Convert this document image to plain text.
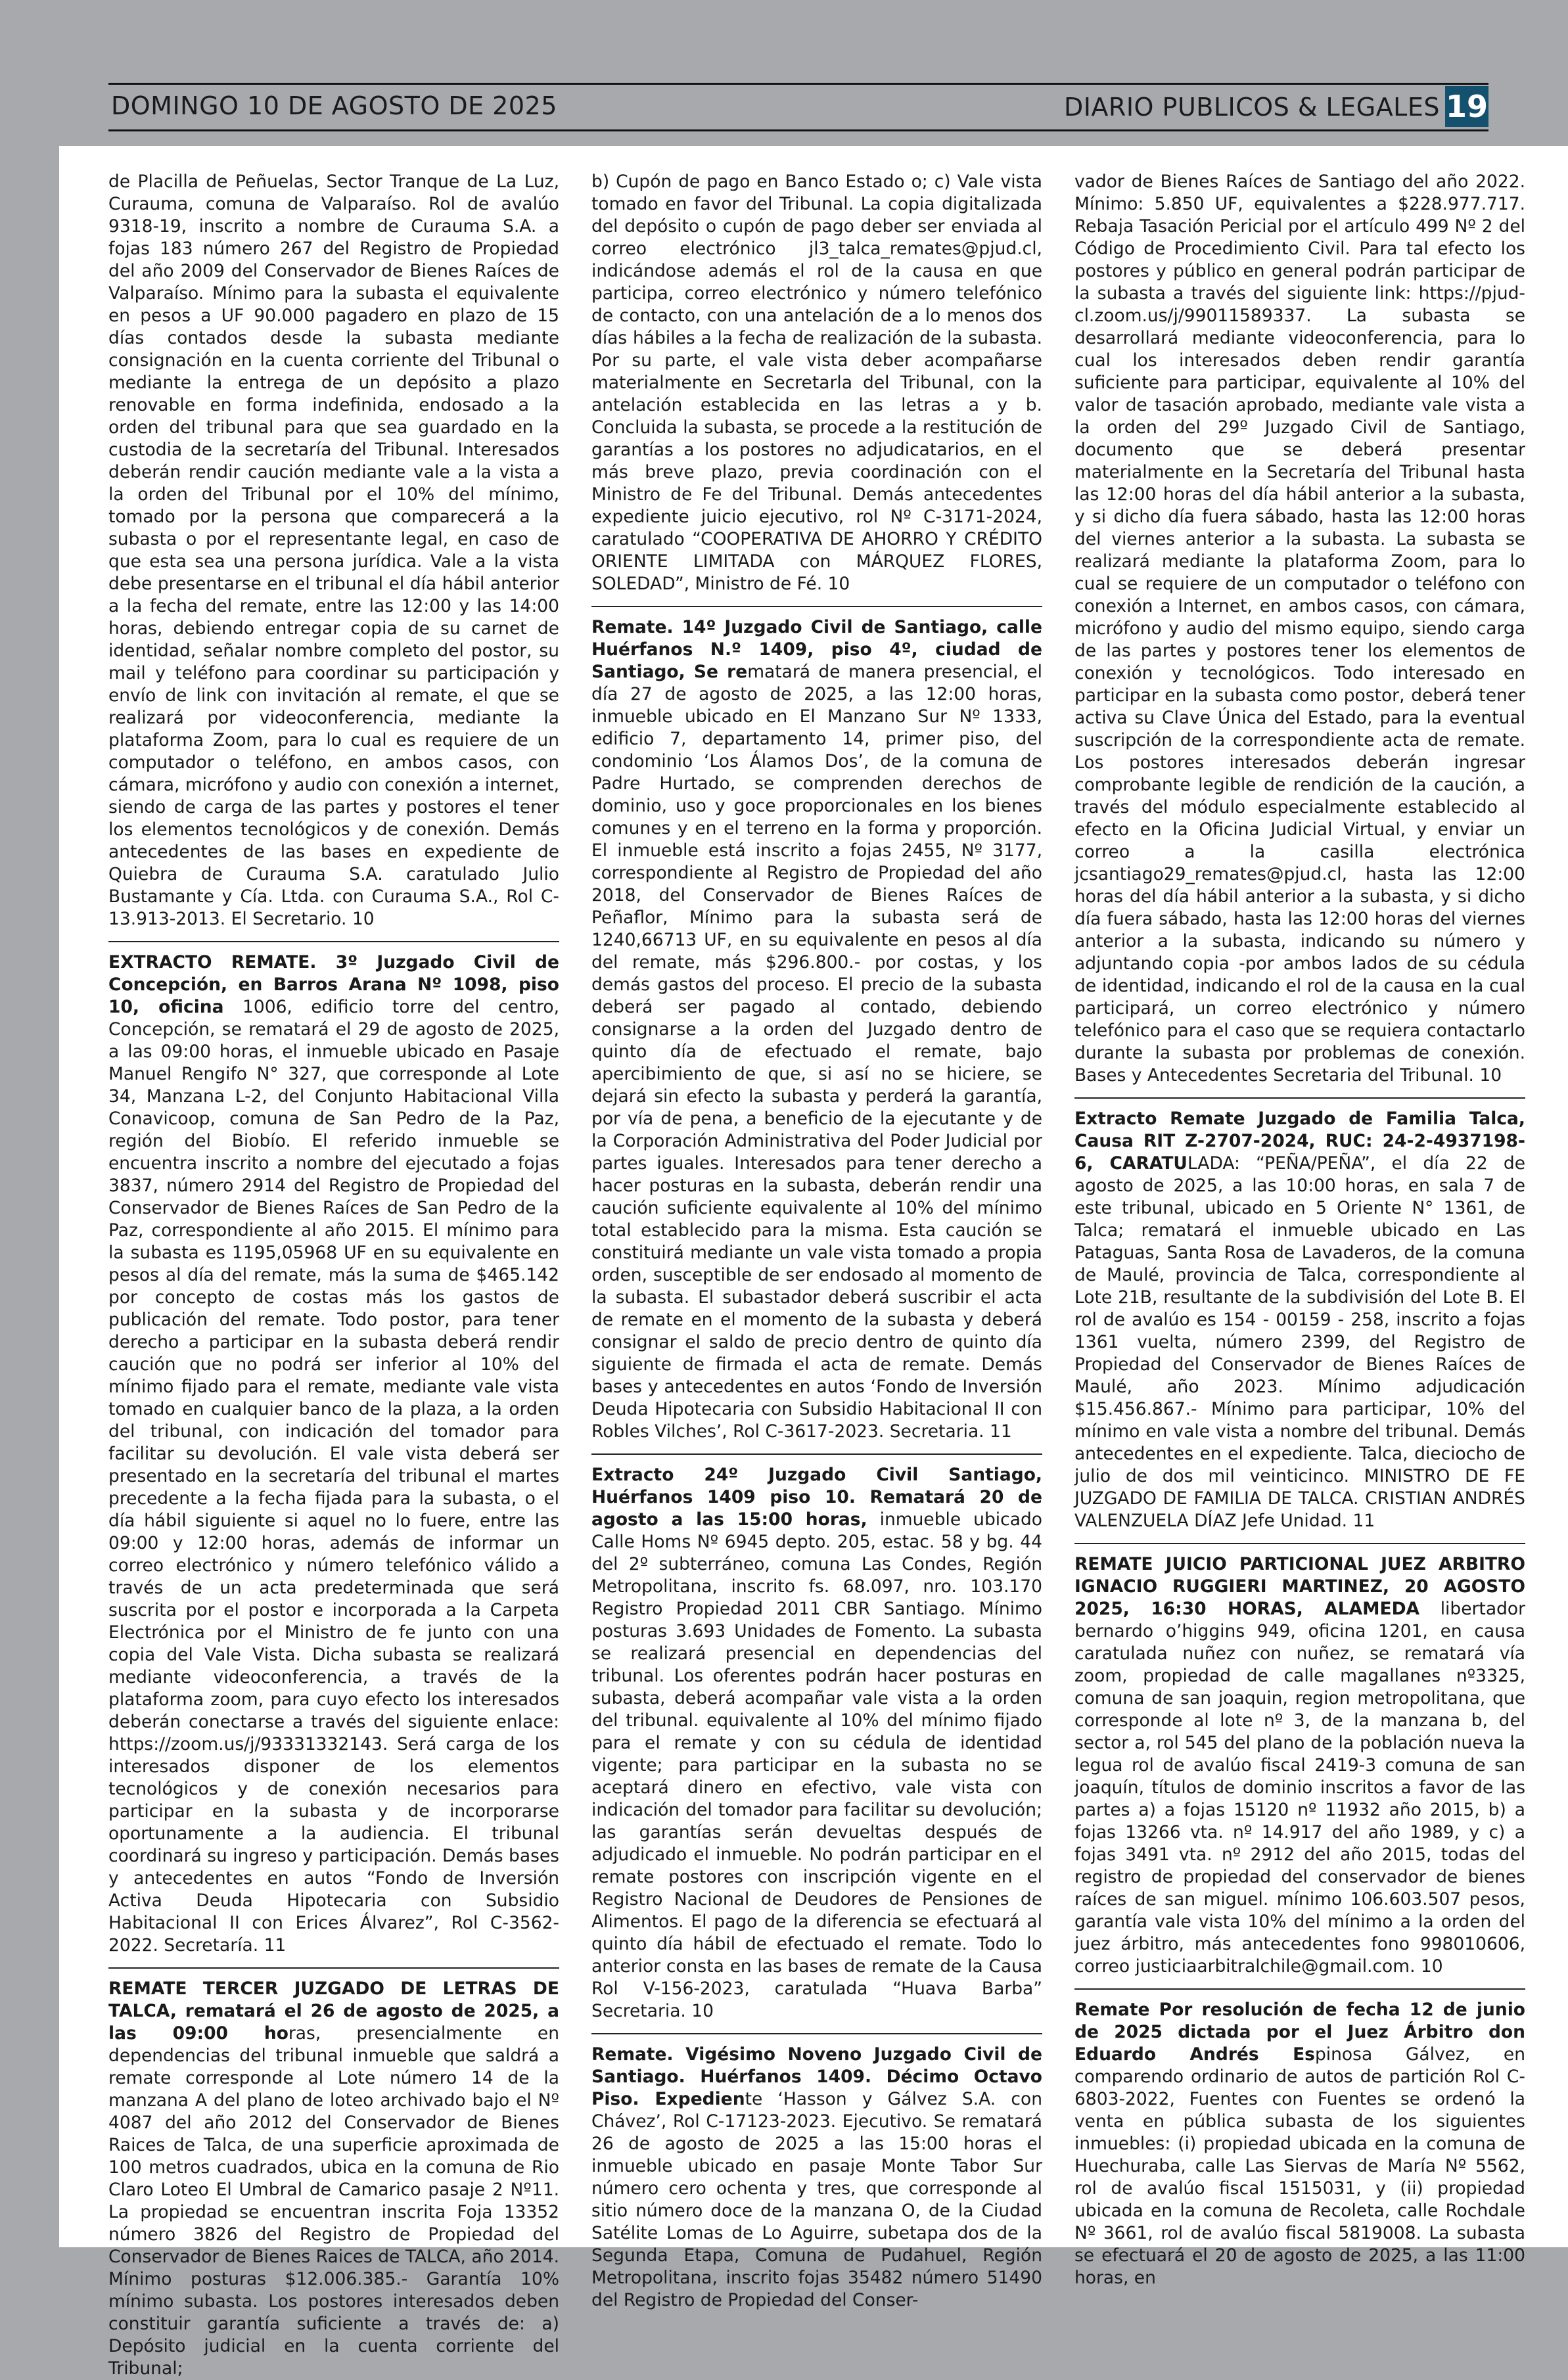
DOMINGO 10 DE AGOSTO DE 2025	DIARIO PUBLICOS & LEGALES 19

de Placilla de Peñuelas, Sector Tranque de La Luz, Curauma, comuna de Valparaíso. Rol de avalúo 9318-19, inscrito a nombre de Curauma S.A. a fojas 183 número 267 del Registro de Propiedad del año 2009 del Conservador de Bienes Raíces de Valparaíso. Mínimo para la subasta el equivalente en pesos a UF 90.000 pagadero en plazo de 15 días contados desde la subasta mediante consignación en la cuenta corriente del Tribunal o mediante la entrega de un depósito a plazo renovable en forma indefinida, endosado a la orden del tribunal para que sea guardado en la custodia de la secretaría del Tribunal. Interesados deberán rendir caución mediante vale a la vista a la orden del Tribunal por el 10% del mínimo, tomado por la persona que comparecerá a la subasta o por el representante legal, en caso de que esta sea una persona jurídica. Vale a la vista debe presentarse en el tribunal el día hábil anterior a la fecha del remate, entre las 12:00 y las 14:00 horas, debiendo entregar copia de su carnet de identidad, señalar nombre completo del postor, su mail y teléfono para coordinar su participación y envío de link con invitación al remate, el que se realizará por videoconferencia, mediante la plataforma Zoom, para lo cual es requiere de un computador o teléfono, en ambos casos, con cámara, micrófono y audio con conexión a internet, siendo de carga de las partes y postores el tener los elementos tecnológicos y de conexión. Demás antecedentes de las bases en expediente de Quiebra de Curauma S.A. caratulado Julio Bustamante y Cía. Ltda. con Curauma S.A., Rol C-13.913-2013. El Secretario. 10

EXTRACTO REMATE. 3º Juzgado Civil de Concepción, en Barros Arana Nº 1098, piso 10, oficina 1006, edificio torre del centro, Concepción, se rematará el 29 de agosto de 2025, a las 09:00 horas, el inmueble ubicado en Pasaje Manuel Rengifo N° 327, que corresponde al Lote 34, Manzana L-2, del Conjunto Habitacional Villa Conavicoop, comuna de San Pedro de la Paz, región del Biobío. El referido inmueble se encuentra inscrito a nombre del ejecutado a fojas 3837, número 2914 del Registro de Propiedad del Conservador de Bienes Raíces de San Pedro de la Paz, correspondiente al año 2015. El mínimo para la subasta es 1195,05968 UF en su equivalente en pesos al día del remate, más la suma de $465.142 por concepto de costas más los gastos de publicación del remate. Todo postor, para tener derecho a participar en la subasta deberá rendir caución que no podrá ser inferior al 10% del mínimo fijado para el remate, mediante vale vista tomado en cualquier banco de la plaza, a la orden del tribunal, con indicación del tomador para facilitar su devolución. El vale vista deberá ser presentado en la secretaría del tribunal el martes precedente a la fecha fijada para la subasta, o el día hábil siguiente si aquel no lo fuere, entre las 09:00 y 12:00 horas, además de informar un correo electrónico y número telefónico válido a través de un acta predeterminada que será suscrita por el postor e incorporada a la Carpeta Electrónica por el Ministro de fe junto con una copia del Vale Vista. Dicha subasta se realizará mediante videoconferencia, a través de la plataforma zoom, para cuyo efecto los interesados deberán conectarse a través del siguiente enlace: https://zoom.us/j/93331332143. Será carga de los interesados disponer de los elementos tecnológicos y de conexión necesarios para participar en la subasta y de incorporarse oportunamente a la audiencia. El tribunal coordinará su ingreso y participación. Demás bases y antecedentes en autos “Fondo de Inversión Activa Deuda Hipotecaria con Subsidio Habitacional II con Erices Álvarez”, Rol C-3562-2022. Secretaría. 11

REMATE TERCER JUZGADO DE LETRAS DE TALCA, rematará el 26 de agosto de 2025, a las 09:00 horas, presencialmente en dependencias del tribunal inmueble que saldrá a remate corresponde al Lote número 14 de la manzana A del plano de loteo archivado bajo el Nº 4087 del año 2012 del Conservador de Bienes Raices de Talca, de una superficie aproximada de 100 metros cuadrados, ubica en la comuna de Rio Claro Loteo El Umbral de Camarico pasaje 2 Nº11. La propiedad se encuentran inscrita Foja 13352 número 3826 del Registro de Propiedad del Conservador de Bienes Raices de TALCA, año 2014. Mínimo posturas $12.006.385.- Garantía 10% mínimo subasta. Los postores interesados deben constituir garantía suficiente a través de: a) Depósito judicial en la cuenta corriente del Tribunal;

b) Cupón de pago en Banco Estado o; c) Vale vista tomado en favor del Tribunal. La copia digitalizada del depósito o cupón de pago deber ser enviada al correo electrónico jl3_talca_remates@pjud.cl, indicándose además el rol de la causa en que participa, correo electrónico y número telefónico de contacto, con una antelación de a lo menos dos días hábiles a la fecha de realización de la subasta. Por su parte, el vale vista deber acompañarse materialmente en Secretarla del Tribunal, con la antelación establecida en las letras a y b. Concluida la subasta, se procede a la restitución de garantías a los postores no adjudicatarios, en el más breve plazo, previa coordinación con el Ministro de Fe del Tribunal. Demás antecedentes expediente juicio ejecutivo, rol Nº C-3171-2024, caratulado “COOPERATIVA DE AHORRO Y CRÉDITO ORIENTE LIMITADA con MÁRQUEZ FLORES, SOLEDAD”, Ministro de Fé. 10

Remate. 14º Juzgado Civil de Santiago, calle Huérfanos N.º 1409, piso 4º, ciudad de Santiago, Se rematará de manera presencial, el día 27 de agosto de 2025, a las 12:00 horas, inmueble ubicado en El Manzano Sur Nº 1333, edificio 7, departamento 14, primer piso, del condominio ‘Los Álamos Dos’, de la comuna de Padre Hurtado, se comprenden derechos de dominio, uso y goce proporcionales en los bienes comunes y en el terreno en la forma y proporción. El inmueble está inscrito a fojas 2455, Nº 3177, correspondiente al Registro de Propiedad del año 2018, del Conservador de Bienes Raíces de Peñaflor, Mínimo para la subasta será de 1240,66713 UF, en su equivalente en pesos al día del remate, más $296.800.- por costas, y los demás gastos del proceso. El precio de la subasta deberá ser pagado al contado, debiendo consignarse a la orden del Juzgado dentro de quinto día de efectuado el remate, bajo apercibimiento de que, si así no se hiciere, se dejará sin efecto la subasta y perderá la garantía, por vía de pena, a beneficio de la ejecutante y de la Corporación Administrativa del Poder Judicial por partes iguales. Interesados para tener derecho a hacer posturas en la subasta, deberán rendir una caución suficiente equivalente al 10% del mínimo total establecido para la misma. Esta caución se constituirá mediante un vale vista tomado a propia orden, susceptible de ser endosado al momento de la subasta. El subastador deberá suscribir el acta de remate en el momento de la subasta y deberá consignar el saldo de precio dentro de quinto día siguiente de firmada el acta de remate. Demás bases y antecedentes en autos ‘Fondo de Inversión Deuda Hipotecaria con Subsidio Habitacional II con Robles Vilches’, Rol C-3617-2023. Secretaria. 11

Extracto 24º Juzgado Civil Santiago, Huérfanos 1409 piso 10. Rematará 20 de agosto a las 15:00 horas, inmueble ubicado Calle Homs Nº 6945 depto. 205, estac. 58 y bg. 44 del 2º subterráneo, comuna Las Condes, Región Metropolitana, inscrito fs. 68.097, nro. 103.170 Registro Propiedad 2011 CBR Santiago. Mínimo posturas 3.693 Unidades de Fomento. La subasta se realizará presencial en dependencias del tribunal. Los oferentes podrán hacer posturas en subasta, deberá acompañar vale vista a la orden del tribunal. equivalente al 10% del mínimo fijado para el remate y con su cédula de identidad vigente; para participar en la subasta no se aceptará dinero en efectivo, vale vista con indicación del tomador para facilitar su devolución; las garantías serán devueltas después de adjudicado el inmueble. No podrán participar en el remate postores con inscripción vigente en el Registro Nacional de Deudores de Pensiones de Alimentos. El pago de la diferencia se efectuará al quinto día hábil de efectuado el remate. Todo lo anterior consta en las bases de remate de la Causa Rol V-156-2023, caratulada “Huava Barba” Secretaria. 10

Remate. Vigésimo Noveno Juzgado Civil de Santiago. Huérfanos 1409. Décimo Octavo Piso. Expediente ‘Hasson y Gálvez S.A. con Chávez’, Rol C-17123-2023. Ejecutivo. Se rematará 26 de agosto de 2025 a las 15:00 horas el inmueble ubicado en pasaje Monte Tabor Sur número cero ochenta y tres, que corresponde al sitio número doce de la manzana O, de la Ciudad Satélite Lomas de Lo Aguirre, subetapa dos de la Segunda Etapa, Comuna de Pudahuel, Región Metropolitana, inscrito fojas 35482 número 51490 del Registro de Propiedad del Conser-

vador de Bienes Raíces de Santiago del año 2022. Mínimo: 5.850 UF, equivalentes a $228.977.717. Rebaja Tasación Pericial por el artículo 499 Nº 2 del Código de Procedimiento Civil. Para tal efecto los postores y público en general podrán participar de la subasta a través del siguiente link: https://pjud-cl.zoom.us/j/99011589337. La subasta se desarrollará mediante videoconferencia, para lo cual los interesados deben rendir garantía suficiente para participar, equivalente al 10% del valor de tasación aprobado, mediante vale vista a la orden del 29º Juzgado Civil de Santiago, documento que se deberá presentar materialmente en la Secretaría del Tribunal hasta las 12:00 horas del día hábil anterior a la subasta, y si dicho día fuera sábado, hasta las 12:00 horas del viernes anterior a la subasta. La subasta se realizará mediante la plataforma Zoom, para lo cual se requiere de un computador o teléfono con conexión a Internet, en ambos casos, con cámara, micrófono y audio del mismo equipo, siendo carga de las partes y postores tener los elementos de conexión y tecnológicos. Todo interesado en participar en la subasta como postor, deberá tener activa su Clave Única del Estado, para la eventual suscripción de la correspondiente acta de remate. Los postores interesados deberán ingresar comprobante legible de rendición de la caución, a través del módulo especialmente establecido al efecto en la Oficina Judicial Virtual, y enviar un correo a la casilla electrónica jcsantiago29_remates@pjud.cl, hasta las 12:00 horas del día hábil anterior a la subasta, y si dicho día fuera sábado, hasta las 12:00 horas del viernes anterior a la subasta, indicando su número y adjuntando copia -por ambos lados de su cédula de identidad, indicando el rol de la causa en la cual participará, un correo electrónico y número telefónico para el caso que se requiera contactarlo durante la subasta por problemas de conexión. Bases y Antecedentes Secretaria del Tribunal. 10

Extracto Remate Juzgado de Familia Talca, Causa RIT Z-2707-2024, RUC: 24-2-4937198-6, CARATULADA: “PEÑA/PEÑA”, el día 22 de agosto de 2025, a las 10:00 horas, en sala 7 de este tribunal, ubicado en 5 Oriente N° 1361, de Talca; rematará el inmueble ubicado en Las Pataguas, Santa Rosa de Lavaderos, de la comuna de Maulé, provincia de Talca, correspondiente al Lote 21B, resultante de la subdivisión del Lote B. El rol de avalúo es 154 - 00159 - 258, inscrito a fojas 1361 vuelta, número 2399, del Registro de Propiedad del Conservador de Bienes Raíces de Maulé, año 2023. Mínimo adjudicación $15.456.867.- Mínimo para participar, 10% del mínimo en vale vista a nombre del tribunal. Demás antecedentes en el expediente. Talca, dieciocho de julio de dos mil veinticinco. MINISTRO DE FE JUZGADO DE FAMILIA DE TALCA. CRISTIAN ANDRÉS VALENZUELA DÍAZ Jefe Unidad. 11

REMATE JUICIO PARTICIONAL JUEZ ARBITRO IGNACIO RUGGIERI MARTINEZ, 20 AGOSTO 2025, 16:30 HORAS, ALAMEDA libertador bernardo o’higgins 949, oficina 1201, en causa caratulada nuñez con nuñez, se rematará vía zoom, propiedad de calle magallanes nº3325, comuna de san joaquin, region metropolitana, que corresponde al lote nº 3, de la manzana b, del sector a, rol 545 del plano de la población nueva la legua rol de avalúo fiscal 2419-3 comuna de san joaquín, títulos de dominio inscritos a favor de las partes a) a fojas 15120 nº 11932 año 2015, b) a fojas 13266 vta. nº 14.917 del año 1989, y c) a fojas 3491 vta. nº 2912 del año 2015, todas del registro de propiedad del conservador de bienes raíces de san miguel. mínimo 106.603.507 pesos, garantía vale vista 10% del mínimo a la orden del juez árbitro, más antecedentes fono 998010606, correo justiciaarbitralchile@gmail.com. 10

Remate Por resolución de fecha 12 de junio de 2025 dictada por el Juez Árbitro don Eduardo Andrés Espinosa Gálvez, en comparendo ordinario de autos de partición Rol C-6803-2022, Fuentes con Fuentes se ordenó la venta en pública subasta de los siguientes inmuebles: (i) propiedad ubicada en la comuna de Huechuraba, calle Las Siervas de María Nº 5562, rol de avalúo fiscal 1515031, y (ii) propiedad ubicada en la comuna de Recoleta, calle Rochdale Nº 3661, rol de avalúo fiscal 5819008. La subasta se efectuará el 20 de agosto de 2025, a las 11:00 horas, en
